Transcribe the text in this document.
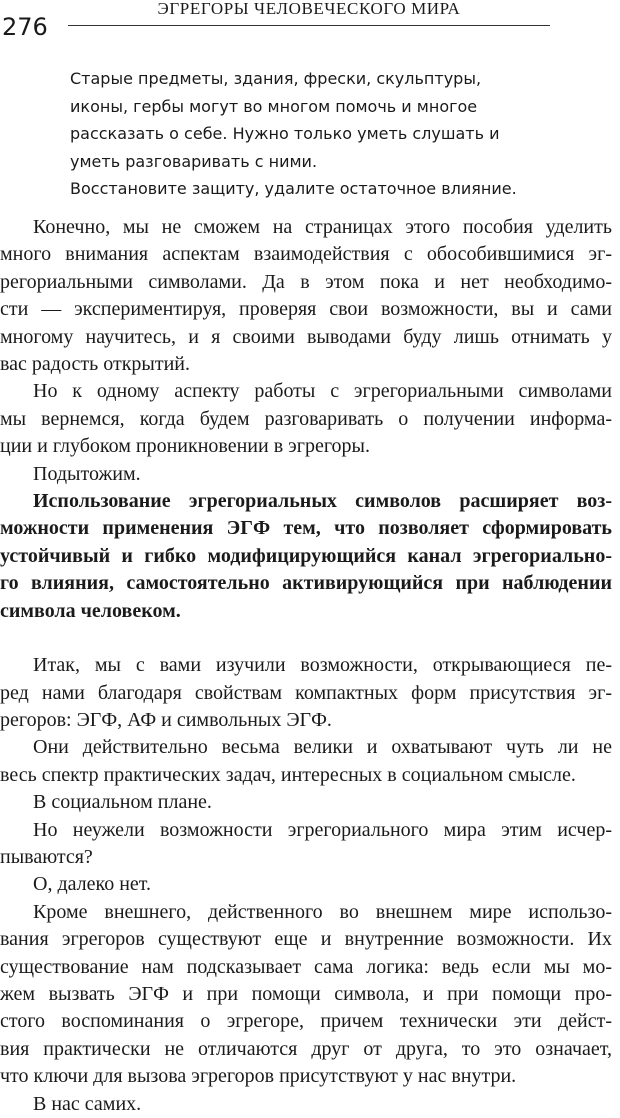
276
ЭГРЕГОРЫ ЧЕЛОВЕЧЕСКОГО МИРА

Старые предметы, здания, фрески, скульптуры,

иконы, гербы могут во многом помочь и многое

рассказать о себе. Нужно только уметь слушать и

уметь разговаривать с ними.

Восстановите защиту, удалите остаточное влияние.

Конечно, мы не сможем на страницах этого пособия уделить
много внимания аспектам взаимодействия с обособившимися эг-
регориальными символами. Да в этом пока и нет необходимо-
сти — экспериментируя, проверяя свои возможности, вы и сами
многому научитесь, и я своими выводами буду лишь отнимать у
вас радость открытий.

Но к одному аспекту работы с эгрегориальными символами
мы вернемся, когда будем разговаривать о получении информа-
ции и глубоком проникновении в эгрегоры.

Подытожим.

Использование эгрегориальных символов расширяет воз-
можности применения ЭГФ тем, что позволяет сформировать
устойчивый и гибко модифицирующийся канал эгрегориально-
го влияния, самостоятельно активирующийся при наблюдении
символа человеком.

Итак, мы с вами изучили возможности, открывающиеся пе-
ред нами благодаря свойствам компактных форм присутствия эг-
регоров: ЭГФ, АФ и символьных ЭГФ.

Они действительно весьма велики и охватывают чуть ли не
весь спектр практических задач, интересных в социальном смысле.

В социальном плане.

Но неужели возможности эгрегориального мира этим исчер-
пываются?

О, далеко нет.

Кроме внешнего, действенного во внешнем мире использо-
вания эгрегоров существуют еще и внутренние возможности. Их
существование нам подсказывает сама логика: ведь если мы мо-
жем вызвать ЭГФ и при помощи символа, и при помощи про-
стого воспоминания о эгрегоре, причем технически эти дейст-
вия практически не отличаются друг от друга, то это означает,
что ключи для вызова эгрегоров присутствуют у нас внутри.

В нас самих.
